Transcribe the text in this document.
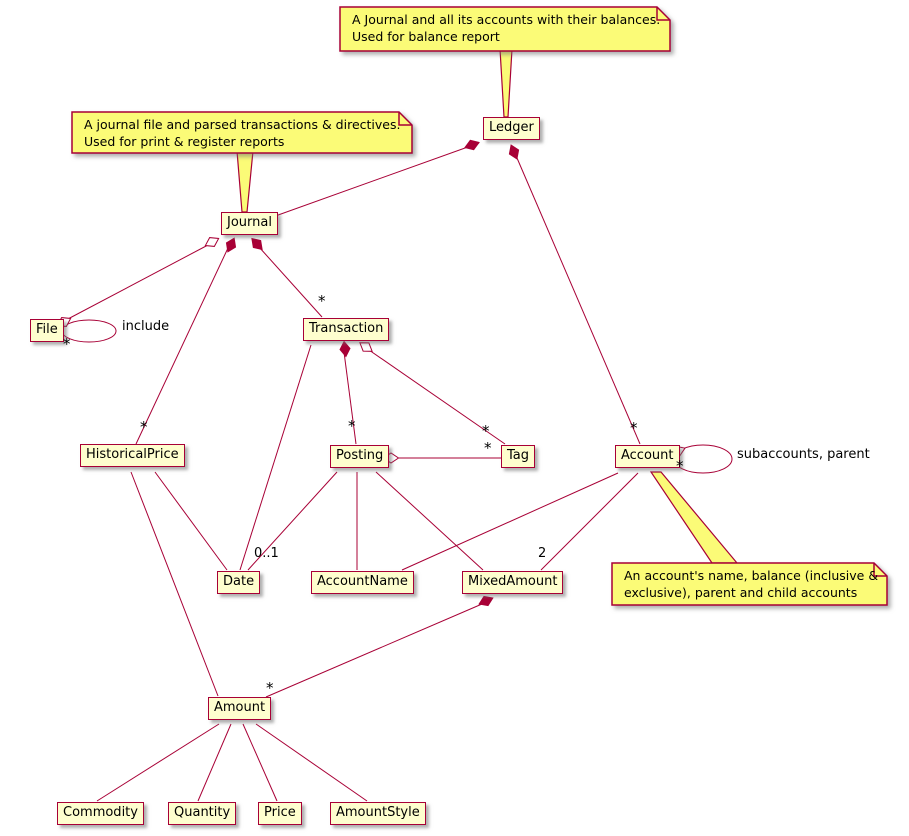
Ledger
Journal
File	Transaction
HistoricalPrice	Posting	Tag	Account
Date	AccountName	MixedAmount
Amount
Commodity	Quantity	Price	AmountStyle
A Journal and all its accounts with their balances.
Used for balance report
A journal file and parsed transactions & directives.
Used for print & register reports
An account's name, balance (inclusive &
exclusive), parent and child accounts
*
include
*
*	*	*
*
*
*
subaccounts, parent
0..1	2
*
